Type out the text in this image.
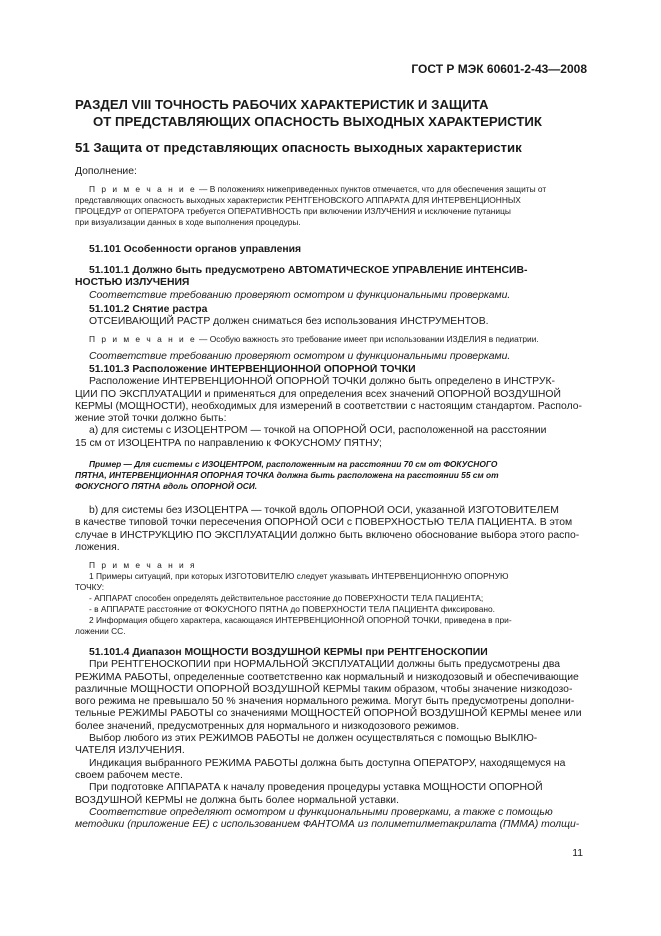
ГОСТ Р МЭК 60601-2-43—2008
РАЗДЕЛ VIII ТОЧНОСТЬ РАБОЧИХ ХАРАКТЕРИСТИК И ЗАЩИТА
ОТ ПРЕДСТАВЛЯЮЩИХ ОПАСНОСТЬ ВЫХОДНЫХ ХАРАКТЕРИСТИК
51 Защита от представляющих опасность выходных характеристик
Дополнение:
П р и м е ч а н и е — В положениях нижеприведенных пунктов отмечается, что для обеспечения защиты от
представляющих опасность выходных характеристик РЕНТГЕНОВСКОГО АППАРАТА ДЛЯ ИНТЕРВЕНЦИОННЫХ
ПРОЦЕДУР от ОПЕРАТОРА требуется ОПЕРАТИВНОСТЬ при включении ИЗЛУЧЕНИЯ и исключение путаницы
при визуализации данных в ходе выполнения процедуры.
51.101 Особенности органов управления
51.101.1 Должно быть предусмотрено АВТОМАТИЧЕСКОЕ УПРАВЛЕНИЕ ИНТЕНСИВ-
НОСТЬЮ ИЗЛУЧЕНИЯ
Соответствие требованию проверяют осмотром и функциональными проверками.
51.101.2 Снятие растра
ОТСЕИВАЮЩИЙ РАСТР должен сниматься без использования ИНСТРУМЕНТОВ.
П р и м е ч а н и е — Особую важность это требование имеет при использовании ИЗДЕЛИЯ в педиатрии.
Соответствие требованию проверяют осмотром и функциональными проверками.
51.101.3 Расположение ИНТЕРВЕНЦИОННОЙ ОПОРНОЙ ТОЧКИ
Расположение ИНТЕРВЕНЦИОННОЙ ОПОРНОЙ ТОЧКИ должно быть определено в ИНСТРУК-
ЦИИ ПО ЭКСПЛУАТАЦИИ и применяться для определения всех значений ОПОРНОЙ ВОЗДУШНОЙ
КЕРМЫ (МОЩНОСТИ), необходимых для измерений в соответствии с настоящим стандартом. Располо-
жение этой точки должно быть:
а) для системы с ИЗОЦЕНТРОМ — точкой на ОПОРНОЙ ОСИ, расположенной на расстоянии
15 см от ИЗОЦЕНТРА по направлению к ФОКУСНОМУ ПЯТНУ;
Пример — Для системы с ИЗОЦЕНТРОМ, расположенным на расстоянии 70 см от ФОКУСНОГО
ПЯТНА, ИНТЕРВЕНЦИОННАЯ ОПОРНАЯ ТОЧКА должна быть расположена на расстоянии 55 см от
ФОКУСНОГО ПЯТНА вдоль ОПОРНОЙ ОСИ.
b) для системы без ИЗОЦЕНТРА — точкой вдоль ОПОРНОЙ ОСИ, указанной ИЗГОТОВИТЕЛЕМ
в качестве типовой точки пересечения ОПОРНОЙ ОСИ с ПОВЕРХНОСТЬЮ ТЕЛА ПАЦИЕНТА. В этом
случае в ИНСТРУКЦИЮ ПО ЭКСПЛУАТАЦИИ должно быть включено обоснование выбора этого распо-
ложения.
П р и м е ч а н и я
1 Примеры ситуаций, при которых ИЗГОТОВИТЕЛЮ следует указывать ИНТЕРВЕНЦИОННУЮ ОПОРНУЮ
ТОЧКУ:
- АППАРАТ способен определять действительное расстояние до ПОВЕРХНОСТИ ТЕЛА ПАЦИЕНТА;
- в АППАРАТЕ расстояние от ФОКУСНОГО ПЯТНА до ПОВЕРХНОСТИ ТЕЛА ПАЦИЕНТА фиксировано.
2 Информация общего характера, касающаяся ИНТЕРВЕНЦИОННОЙ ОПОРНОЙ ТОЧКИ, приведена в при-
ложении СС.
51.101.4 Диапазон МОЩНОСТИ ВОЗДУШНОЙ КЕРМЫ при РЕНТГЕНОСКОПИИ
При РЕНТГЕНОСКОПИИ при НОРМАЛЬНОЙ ЭКСПЛУАТАЦИИ должны быть предусмотрены два
РЕЖИМА РАБОТЫ, определенные соответственно как нормальный и низкодозовый и обеспечивающие
различные МОЩНОСТИ ОПОРНОЙ ВОЗДУШНОЙ КЕРМЫ таким образом, чтобы значение низкодозо-
вого режима не превышало 50 % значения нормального режима. Могут быть предусмотрены дополни-
тельные РЕЖИМЫ РАБОТЫ со значениями МОЩНОСТЕЙ ОПОРНОЙ ВОЗДУШНОЙ КЕРМЫ менее или
более значений, предусмотренных для нормального и низкодозового режимов.
Выбор любого из этих РЕЖИМОВ РАБОТЫ не должен осуществляться с помощью ВЫКЛЮ-
ЧАТЕЛЯ ИЗЛУЧЕНИЯ.
Индикация выбранного РЕЖИМА РАБОТЫ должна быть доступна ОПЕРАТОРУ, находящемуся на
своем рабочем месте.
При подготовке АППАРАТА к началу проведения процедуры уставка МОЩНОСТИ ОПОРНОЙ
ВОЗДУШНОЙ КЕРМЫ не должна быть более нормальной уставки.
Соответствие определяют осмотром и функциональными проверками, а также с помощью
методики (приложение ЕЕ) с использованием ФАНТОМА из полиметилметакрилата (ПММА) толщи-
11
